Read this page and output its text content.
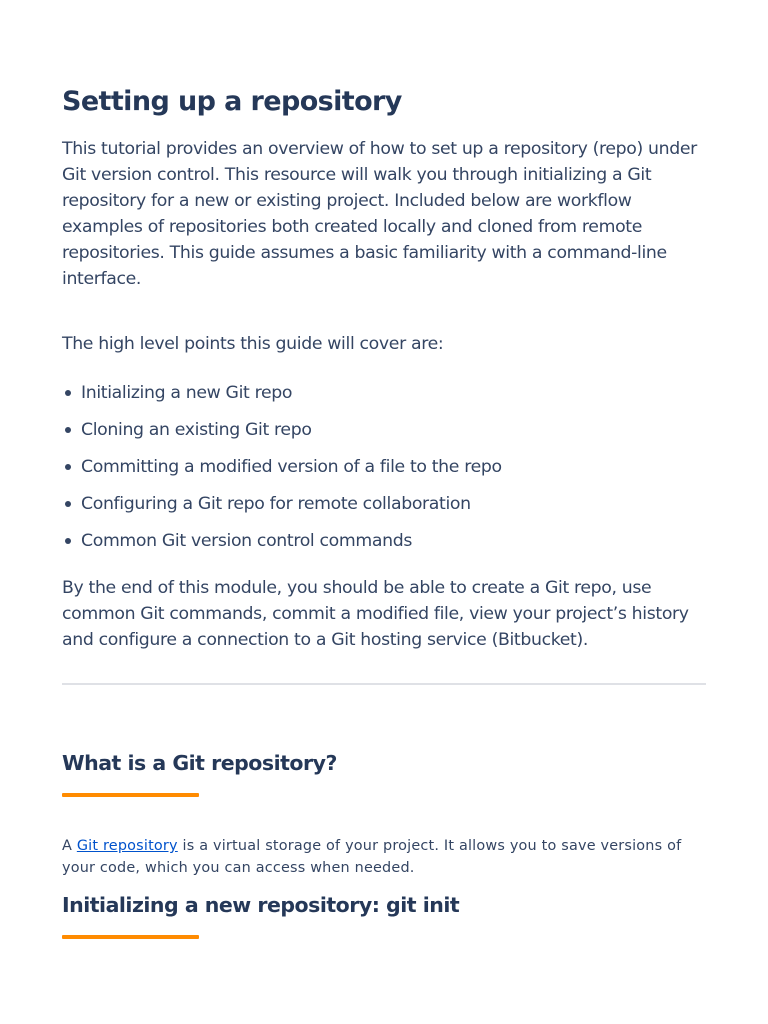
Setting up a repository

This tutorial provides an overview of how to set up a repository (repo) under Git version control. This resource will walk you through initializing a Git repository for a new or existing project. Included below are workflow examples of repositories both created locally and cloned from remote repositories. This guide assumes a basic familiarity with a command-line interface.

The high level points this guide will cover are:

Initializing a new Git repo
Cloning an existing Git repo
Committing a modified version of a file to the repo
Configuring a Git repo for remote collaboration
Common Git version control commands

By the end of this module, you should be able to create a Git repo, use common Git commands, commit a modified file, view your project’s history and configure a connection to a Git hosting service (Bitbucket).

What is a Git repository?

A Git repository is a virtual storage of your project. It allows you to save versions of your code, which you can access when needed.

Initializing a new repository: git init
